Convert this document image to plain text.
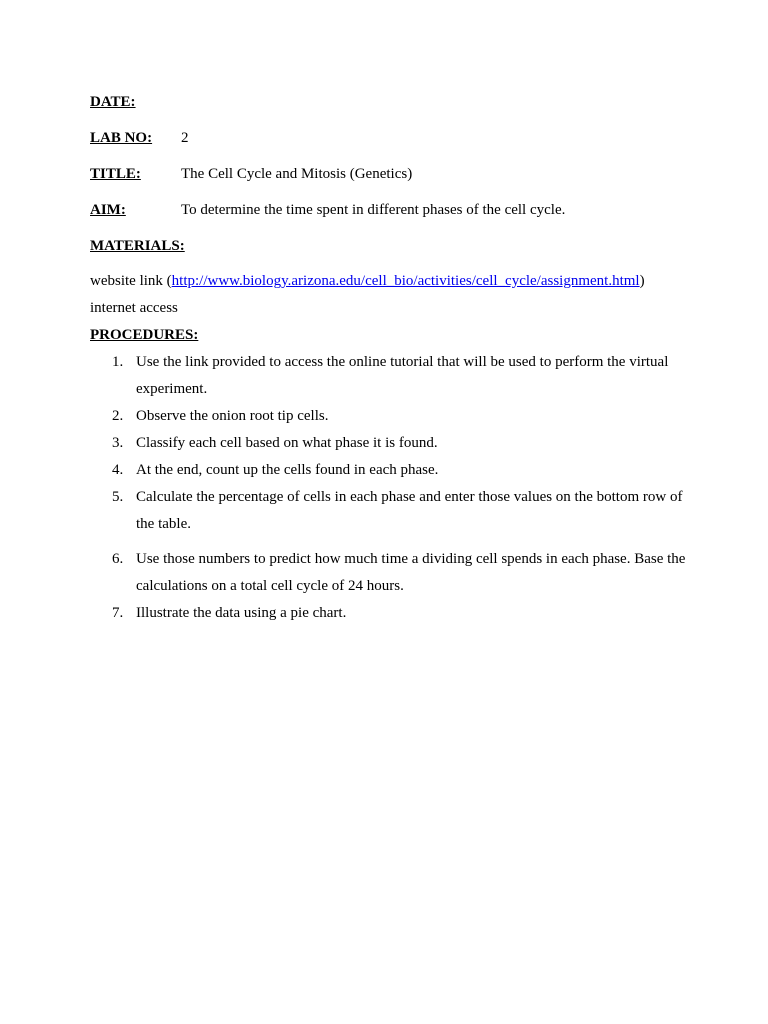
DATE:
LAB NO: 2
TITLE:	The Cell Cycle and Mitosis (Genetics)
AIM:	To determine the time spent in different phases of the cell cycle.
MATERIALS:
website link (http://www.biology.arizona.edu/cell_bio/activities/cell_cycle/assignment.html)
internet access
PROCEDURES:
1. Use the link provided to access the online tutorial that will be used to perform the virtual experiment.
2. Observe the onion root tip cells.
3. Classify each cell based on what phase it is found.
4. At the end, count up the cells found in each phase.
5. Calculate the percentage of cells in each phase and enter those values on the bottom row of the table.
6. Use those numbers to predict how much time a dividing cell spends in each phase. Base the calculations on a total cell cycle of 24 hours.
7. Illustrate the data using a pie chart.
